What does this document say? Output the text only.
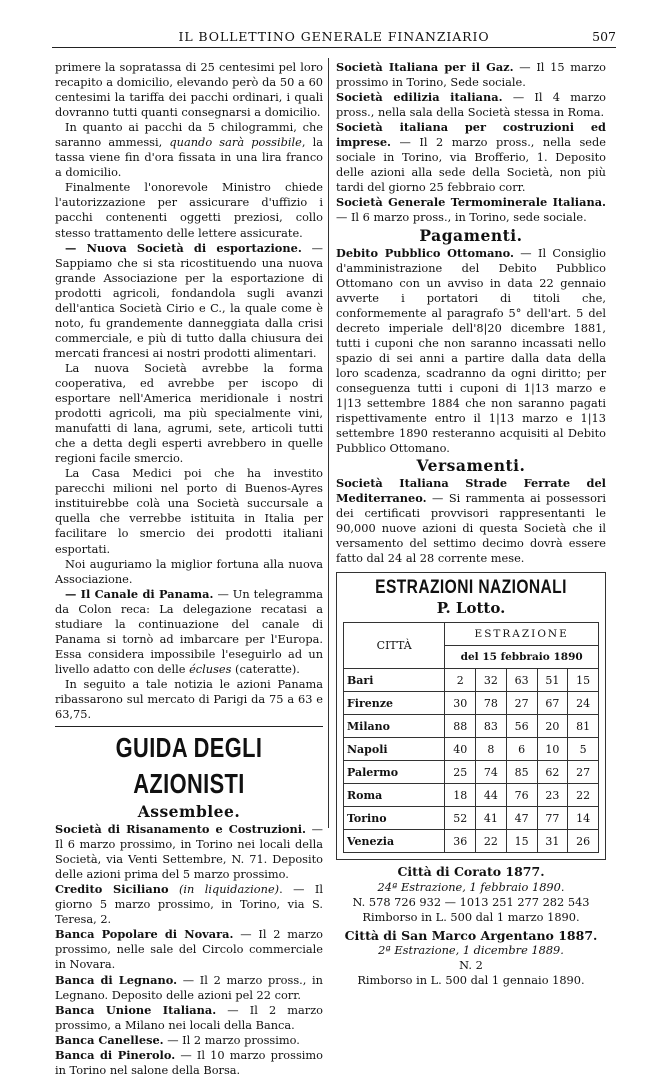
IL BOLLETTINO GENERALE FINANZIARIO	507

primere la sopratassa di 25 centesimi pel loro recapito a domicilio, elevando però da 50 a 60 centesimi la tariffa dei pacchi ordinari, i quali dovranno tutti quanti consegnarsi a domicilio.

In quanto ai pacchi da 5 chilogrammi, che saranno ammessi, quando sarà possibile, la tassa viene fin d'ora fissata in una lira franco a domicilio.

Finalmente l'onorevole Ministro chiede l'autorizzazione per assicurare d'uffizio i pacchi contenenti oggetti preziosi, collo stesso trattamento delle lettere assicurate.

— Nuova Società di esportazione. — Sappiamo che si sta ricostituendo una nuova grande Associazione per la esportazione di prodotti agricoli, fondandola sugli avanzi dell'antica Società Cirio e C., la quale come è noto, fu grandemente danneggiata dalla crisi commerciale, e più di tutto dalla chiusura dei mercati francesi ai nostri prodotti alimentari.

La nuova Società avrebbe la forma cooperativa, ed avrebbe per iscopo di esportare nell'America meridionale i nostri prodotti agricoli, ma più specialmente vini, manufatti di lana, agrumi, sete, articoli tutti che a detta degli esperti avrebbero in quelle regioni facile smercio.

La Casa Medici poi che ha investito parecchi milioni nel porto di Buenos-Ayres instituirebbe colà una Società succursale a quella che verrebbe istituita in Italia per facilitare lo smercio dei prodotti italiani esportati.

Noi auguriamo la miglior fortuna alla nuova Associazione.

— Il Canale di Panama. — Un telegramma da Colon reca: La delegazione recatasi a studiare la continuazione del canale di Panama si tornò ad imbarcare per l'Europa. Essa considera impossibile l'eseguirlo ad un livello adatto con delle écluses (cateratte).

In seguito a tale notizia le azioni Panama ribassarono sul mercato di Parigi da 75 a 63 e 63,75.

GUIDA DEGLI AZIONISTI
Assemblee.

Società di Risanamento e Costruzioni. — Il 6 marzo prossimo, in Torino nei locali della Società, via Venti Settembre, N. 71. Deposito delle azioni prima del 5 marzo prossimo.

Credito Siciliano (in liquidazione). — Il giorno 5 marzo prossimo, in Torino, via S. Teresa, 2.

Banca Popolare di Novara. — Il 2 marzo prossimo, nelle sale del Circolo commerciale in Novara.

Banca di Legnano. — Il 2 marzo pross., in Legnano. Deposito delle azioni pel 22 corr.

Banca Unione Italiana. — Il 2 marzo prossimo, a Milano nei locali della Banca.

Banca Canellese. — Il 2 marzo prossimo.

Banca di Pinerolo. — Il 10 marzo prossimo in Torino nel salone della Borsa.

Società Italiana per il Gaz. — Il 15 marzo prossimo in Torino, Sede sociale.

Società edilizia italiana. — Il 4 marzo pross., nella sala della Società stessa in Roma.

Società italiana per costruzioni ed imprese. — Il 2 marzo pross., nella sede sociale in Torino, via Brofferio, 1. Deposito delle azioni alla sede della Società, non più tardi del giorno 25 febbraio corr.

Società Generale Termominerale Italiana. — Il 6 marzo pross., in Torino, sede sociale.

Pagamenti.

Debito Pubblico Ottomano. — Il Consiglio d'amministrazione del Debito Pubblico Ottomano con un avviso in data 22 gennaio avverte i portatori di titoli che, conformemente al paragrafo 5° dell'art. 5 del decreto imperiale dell'8|20 dicembre 1881, tutti i cuponi che non saranno incassati nello spazio di sei anni a partire dalla data della loro scadenza, scadranno da ogni diritto; per conseguenza tutti i cuponi di 1|13 marzo e 1|13 settembre 1884 che non saranno pagati rispettivamente entro il 1|13 marzo e 1|13 settembre 1890 resteranno acquisiti al Debito Pubblico Ottomano.

Versamenti.

Società Italiana Strade Ferrate del Mediterraneo. — Si rammenta ai possessori dei certificati provvisori rappresentanti le 90,000 nuove azioni di questa Società che il versamento del settimo decimo dovrà essere fatto dal 24 al 28 corrente mese.

ESTRAZIONI NAZIONALI
P. Lotto.
CITTÀ	ESTRAZIONE				
	del 15 febbraio 1890				
Bari	2	32	63	51	15
Firenze	30	78	27	67	24
Milano	88	83	56	20	81
Napoli	40	8	6	10	5
Palermo	25	74	85	62	27
Roma	18	44	76	23	22
Torino	52	41	47	77	14
Venezia	36	22	15	31	26
Città di Corato 1877.
24ª Estrazione, 1 febbraio 1890.
N. 578 726 932 — 1013 251 277 282 543
Rimborso in L. 500 dal 1 marzo 1890.
Città di San Marco Argentano 1887.
2ª Estrazione, 1 dicembre 1889.
N. 2
Rimborso in L. 500 dal 1 gennaio 1890.
